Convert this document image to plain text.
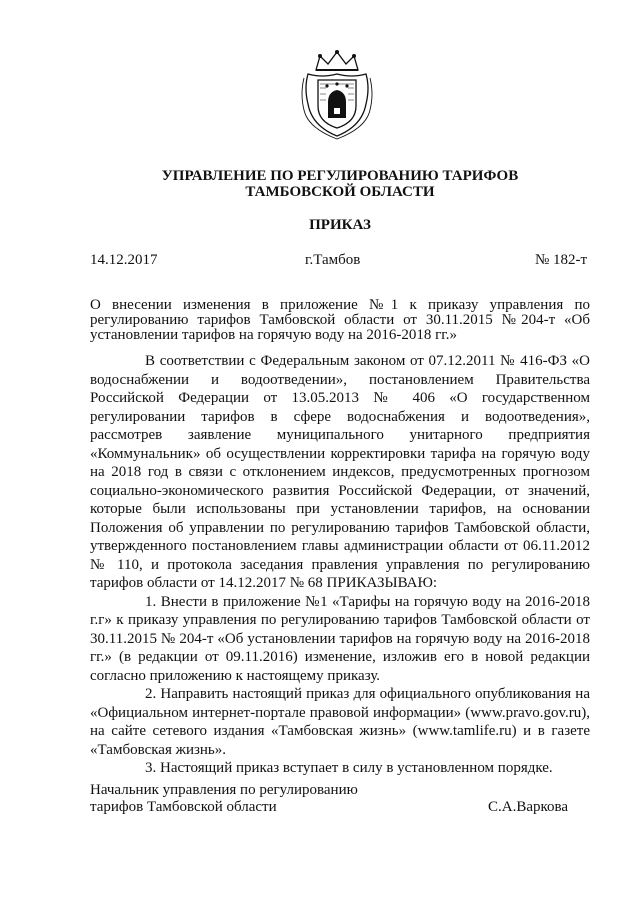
УПРАВЛЕНИЕ ПО РЕГУЛИРОВАНИЮ ТАРИФОВ
ТАМБОВСКОЙ ОБЛАСТИ
ПРИКАЗ
14.12.2017	г.Тамбов	№ 182-т
О внесении изменения в приложение №1 к приказу управления по регулированию тарифов Тамбовской области от 30.11.2015 №204-т «Об установлении тарифов на горячую воду на 2016-2018 гг.»

В соответствии с Федеральным законом от 07.12.2011 № 416-ФЗ «О водоснабжении и водоотведении», постановлением Правительства Российской Федерации от 13.05.2013 № 406 «О государственном регулировании тарифов в сфере водоснабжения и водоотведения», рассмотрев заявление муниципального унитарного предприятия «Коммунальник» об осуществлении корректировки тарифа на горячую воду на 2018 год в связи с отклонением индексов, предусмотренных прогнозом социально-экономического развития Российской Федерации, от значений, которые были использованы при установлении тарифов, на основании Положения об управлении по регулированию тарифов Тамбовской области, утвержденного постановлением главы администрации области от 06.11.2012 № 110, и протокола заседания правления управления по регулированию тарифов области от 14.12.2017 № 68 ПРИКАЗЫВАЮ:

1. Внести в приложение №1 «Тарифы на горячую воду на 2016-2018 г.г» к приказу управления по регулированию тарифов Тамбовской области от 30.11.2015 № 204-т «Об установлении тарифов на горячую воду на 2016-2018 гг.» (в редакции от 09.11.2016) изменение, изложив его в новой редакции согласно приложению к настоящему приказу.

2. Направить настоящий приказ для официального опубликования на «Официальном интернет-портале правовой информации» (www.pravo.gov.ru), на сайте сетевого издания «Тамбовская жизнь» (www.tamlife.ru) и в газете «Тамбовская жизнь».

3. Настоящий приказ вступает в силу в установленном порядке.

Начальник управления по регулированию
тарифов Тамбовской области	С.А.Варкова
